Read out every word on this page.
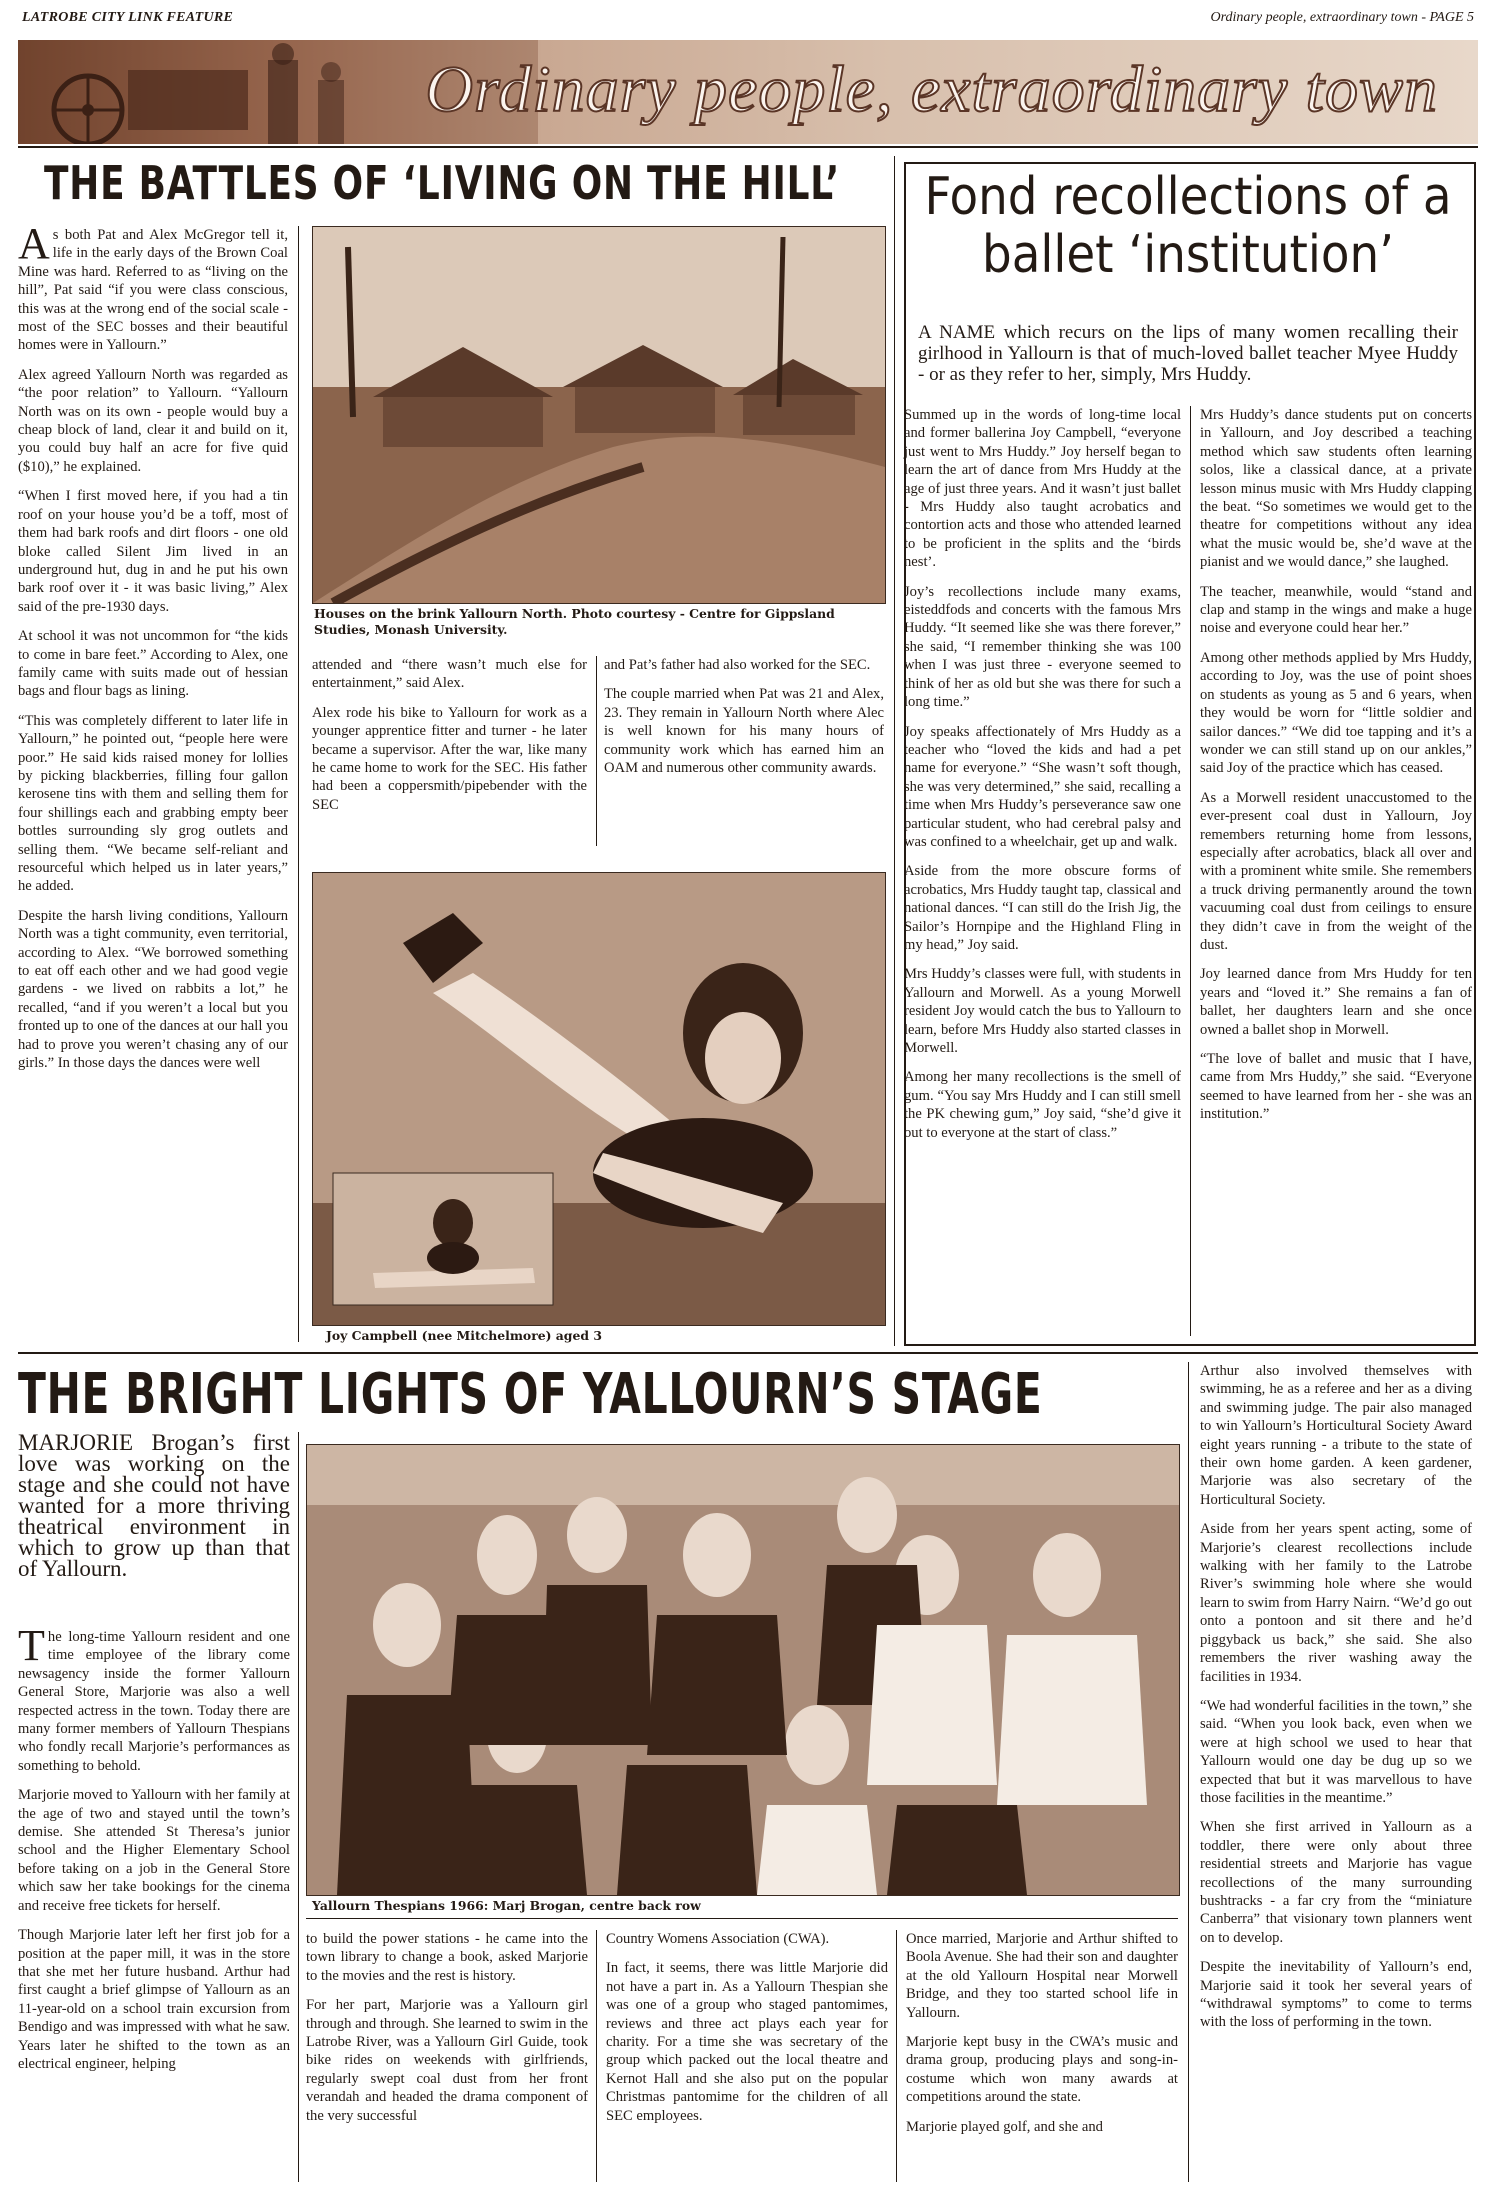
LATROBE CITY LINK FEATURE	Ordinary people, extraordinary town - PAGE 5
Ordinary people, extraordinary town
THE BATTLES OF ‘LIVING ON THE HILL’

As both Pat and Alex McGregor tell it, life in the early days of the Brown Coal Mine was hard. Referred to as “living on the hill”, Pat said “if you were class conscious, this was at the wrong end of the social scale - most of the SEC bosses and their beautiful homes were in Yallourn.”

Alex agreed Yallourn North was regarded as “the poor relation” to Yallourn. “Yallourn North was on its own - people would buy a cheap block of land, clear it and build on it, you could buy half an acre for five quid ($10),” he explained.

“When I first moved here, if you had a tin roof on your house you’d be a toff, most of them had bark roofs and dirt floors - one old bloke called Silent Jim lived in an underground hut, dug in and he put his own bark roof over it - it was basic living,” Alex said of the pre-1930 days.

At school it was not uncommon for “the kids to come in bare feet.” According to Alex, one family came with suits made out of hessian bags and flour bags as lining.

“This was completely different to later life in Yallourn,” he pointed out, “people here were poor.” He said kids raised money for lollies by picking blackberries, filling four gallon kerosene tins with them and selling them for four shillings each and grabbing empty beer bottles surrounding sly grog outlets and selling them. “We became self-reliant and resourceful which helped us in later years,” he added.

Despite the harsh living conditions, Yallourn North was a tight community, even territorial, according to Alex. “We borrowed something to eat off each other and we had good vegie gardens - we lived on rabbits a lot,” he recalled, “and if you weren’t a local but you fronted up to one of the dances at our hall you had to prove you weren’t chasing any of our girls.” In those days the dances were well

Houses on the brink Yallourn North. Photo courtesy - Centre for Gippsland Studies, Monash University.

attended and “there wasn’t much else for entertainment,” said Alex.

Alex rode his bike to Yallourn for work as a younger apprentice fitter and turner - he later became a supervisor. After the war, like many he came home to work for the SEC. His father had been a coppersmith/pipebender with the SEC

and Pat’s father had also worked for the SEC.

The couple married when Pat was 21 and Alex, 23. They remain in Yallourn North where Alec is well known for his many hours of community work which has earned him an OAM and numerous other community awards.

Joy Campbell (nee Mitchelmore) aged 3
Fond recollections of a ballet ‘institution’
A NAME which recurs on the lips of many women recalling their girlhood in Yallourn is that of much-loved ballet teacher Myee Huddy - or as they refer to her, simply, Mrs Huddy.

Summed up in the words of long-time local and former ballerina Joy Campbell, “everyone just went to Mrs Huddy.” Joy herself began to learn the art of dance from Mrs Huddy at the age of just three years. And it wasn’t just ballet - Mrs Huddy also taught acrobatics and contortion acts and those who attended learned to be proficient in the splits and the ‘birds nest’.

Joy’s recollections include many exams, eisteddfods and concerts with the famous Mrs Huddy. “It seemed like she was there forever,” she said, “I remember thinking she was 100 when I was just three - everyone seemed to think of her as old but she was there for such a long time.”

Joy speaks affectionately of Mrs Huddy as a teacher who “loved the kids and had a pet name for everyone.” “She wasn’t soft though, she was very determined,” she said, recalling a time when Mrs Huddy’s perseverance saw one particular student, who had cerebral palsy and was confined to a wheelchair, get up and walk.

Aside from the more obscure forms of acrobatics, Mrs Huddy taught tap, classical and national dances. “I can still do the Irish Jig, the Sailor’s Hornpipe and the Highland Fling in my head,” Joy said.

Mrs Huddy’s classes were full, with students in Yallourn and Morwell. As a young Morwell resident Joy would catch the bus to Yallourn to learn, before Mrs Huddy also started classes in Morwell.

Among her many recollections is the smell of gum. “You say Mrs Huddy and I can still smell the PK chewing gum,” Joy said, “she’d give it out to everyone at the start of class.”

Mrs Huddy’s dance students put on concerts in Yallourn, and Joy described a teaching method which saw students often learning solos, like a classical dance, at a private lesson minus music with Mrs Huddy clapping the beat. “So sometimes we would get to the theatre for competitions without any idea what the music would be, she’d wave at the pianist and we would dance,” she laughed.

The teacher, meanwhile, would “stand and clap and stamp in the wings and make a huge noise and everyone could hear her.”

Among other methods applied by Mrs Huddy, according to Joy, was the use of point shoes on students as young as 5 and 6 years, when they would be worn for “little soldier and sailor dances.” “We did toe tapping and it’s a wonder we can still stand up on our ankles,” said Joy of the practice which has ceased.

As a Morwell resident unaccustomed to the ever-present coal dust in Yallourn, Joy remembers returning home from lessons, especially after acrobatics, black all over and with a prominent white smile. She remembers a truck driving permanently around the town vacuuming coal dust from ceilings to ensure they didn’t cave in from the weight of the dust.

Joy learned dance from Mrs Huddy for ten years and “loved it.” She remains a fan of ballet, her daughters learn and she once owned a ballet shop in Morwell.

“The love of ballet and music that I have, came from Mrs Huddy,” she said. “Everyone seemed to have learned from her - she was an institution.”

THE BRIGHT LIGHTS OF YALLOURN’S STAGE
MARJORIE Brogan’s first love was working on the stage and she could not have wanted for a more thriving theatrical environment in which to grow up than that of Yallourn.

The long-time Yallourn resident and one time employee of the library come newsagency inside the former Yallourn General Store, Marjorie was also a well respected actress in the town. Today there are many former members of Yallourn Thespians who fondly recall Marjorie’s performances as something to behold.

Marjorie moved to Yallourn with her family at the age of two and stayed until the town’s demise. She attended St Theresa’s junior school and the Higher Elementary School before taking on a job in the General Store which saw her take bookings for the cinema and receive free tickets for herself.

Though Marjorie later left her first job for a position at the paper mill, it was in the store that she met her future husband. Arthur had first caught a brief glimpse of Yallourn as an 11-year-old on a school train excursion from Bendigo and was impressed with what he saw. Years later he shifted to the town as an electrical engineer, helping

Yallourn Thespians 1966: Marj Brogan, centre back row

to build the power stations - he came into the town library to change a book, asked Marjorie to the movies and the rest is history.

For her part, Marjorie was a Yallourn girl through and through. She learned to swim in the Latrobe River, was a Yallourn Girl Guide, took bike rides on weekends with girlfriends, regularly swept coal dust from her front verandah and headed the drama component of the very successful

Country Womens Association (CWA).

In fact, it seems, there was little Marjorie did not have a part in. As a Yallourn Thespian she was one of a group who staged pantomimes, reviews and three act plays each year for charity. For a time she was secretary of the group which packed out the local theatre and Kernot Hall and she also put on the popular Christmas pantomime for the children of all SEC employees.

Once married, Marjorie and Arthur shifted to Boola Avenue. She had their son and daughter at the old Yallourn Hospital near Morwell Bridge, and they too started school life in Yallourn.

Marjorie kept busy in the CWA’s music and drama group, producing plays and song-in-costume which won many awards at competitions around the state.

Marjorie played golf, and she and

Arthur also involved themselves with swimming, he as a referee and her as a diving and swimming judge. The pair also managed to win Yallourn’s Horticultural Society Award eight years running - a tribute to the state of their own home garden. A keen gardener, Marjorie was also secretary of the Horticultural Society.

Aside from her years spent acting, some of Marjorie’s clearest recollections include walking with her family to the Latrobe River’s swimming hole where she would learn to swim from Harry Nairn. “We’d go out onto a pontoon and sit there and he’d piggyback us back,” she said. She also remembers the river washing away the facilities in 1934.

“We had wonderful facilities in the town,” she said. “When you look back, even when we were at high school we used to hear that Yallourn would one day be dug up so we expected that but it was marvellous to have those facilities in the meantime.”

When she first arrived in Yallourn as a toddler, there were only about three residential streets and Marjorie has vague recollections of the many surrounding bushtracks - a far cry from the “miniature Canberra” that visionary town planners went on to develop.

Despite the inevitability of Yallourn’s end, Marjorie said it took her several years of “withdrawal symptoms” to come to terms with the loss of performing in the town.
